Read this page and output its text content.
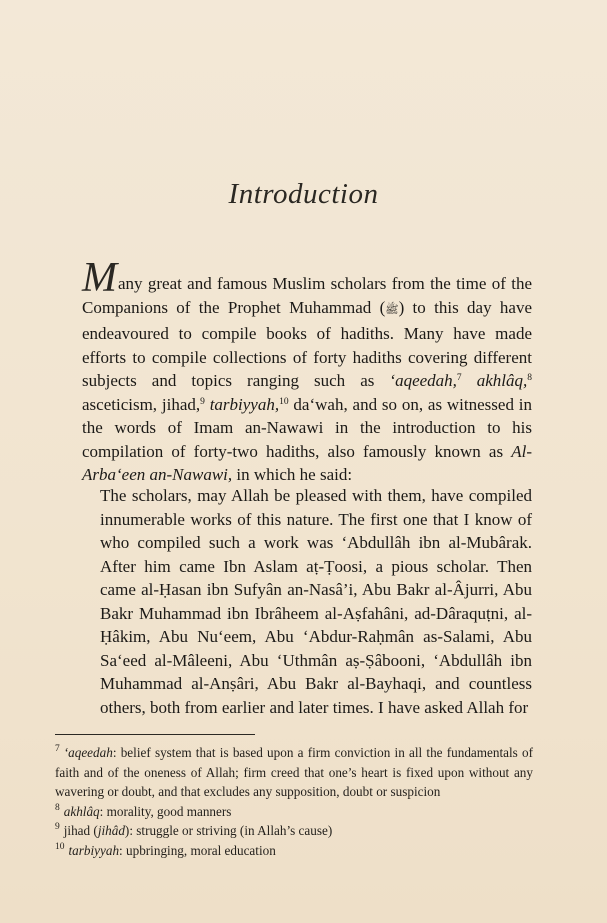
Introduction
Many great and famous Muslim scholars from the time of the Companions of the Prophet Muhammad (ﷺ) to this day have endeavoured to compile books of hadiths. Many have made efforts to compile collections of forty hadiths covering different subjects and topics ranging such as ‘aqeedah,$^7$ akhlâq,$^8$ asceticism, jihad,$^9$ tarbiyyah,$^{10}$ da‘wah, and so on, as witnessed in the words of Imam an-Nawawi in the introduction to his compilation of forty-two hadiths, also famously known as Al-Arba‘een an-Nawawi, in which he said:
The scholars, may Allah be pleased with them, have compiled innumerable works of this nature. The first one that I know of who compiled such a work was ‘Abdullâh ibn al-Mubârak. After him came Ibn Aslam aṭ-Ṭoosi, a pious scholar. Then came al-Ḥasan ibn Sufyân an-Nasâ’i, Abu Bakr al-Âjurri, Abu Bakr Muhammad ibn Ibrâheem al-Aṣfahâni, ad-Dâraquṭni, al-Ḥâkim, Abu Nu‘eem, Abu ‘Abdur-Raḥmân as-Salami, Abu Sa‘eed al-Mâleeni, Abu ‘Uthmân aṣ-Ṣâbooni, ‘Abdullâh ibn Muhammad al-Anṣâri, Abu Bakr al-Bayhaqi, and countless others, both from earlier and later times. I have asked Allah for

$^7$ ‘aqeedah: belief system that is based upon a firm conviction in all the fundamentals of faith and of the oneness of Allah; firm creed that one’s heart is fixed upon without any wavering or doubt, and that excludes any supposition, doubt or suspicion

$^8$ akhlâq: morality, good manners

$^9$ jihad (jihâd): struggle or striving (in Allah’s cause)

$^{10}$ tarbiyyah: upbringing, moral education
